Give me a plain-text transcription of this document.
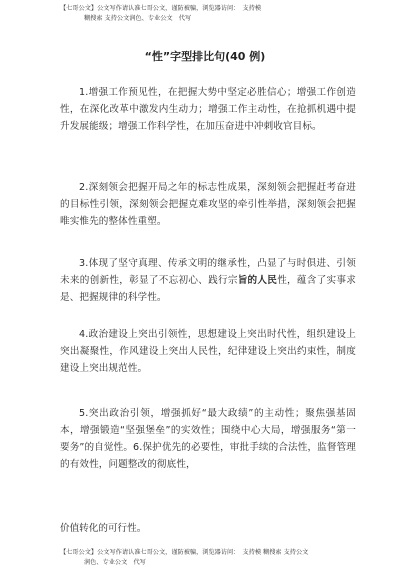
【七哥公文】公文写作请认准七哥公文，谨防被骗，浏览器访问：　支持模
糊搜索 支持公文润色、专业公文　代写
“性”字型排比句(40 例)

1.增强工作预见性，在把握大势中坚定必胜信心；增强工作创造性，在深化改革中激发内生动力；增强工作主动性，在抢抓机遇中提升发展能级；增强工作科学性，在加压奋进中冲刺收官目标。

2.深刻领会把握开局之年的标志性成果，深刻领会把握赶考奋进的目标性引领，深刻领会把握克难攻坚的牵引性举措，深刻领会把握唯实惟先的整体性重塑。

3.体现了坚守真理、传承文明的继承性，凸显了与时俱进、引领未来的创新性，彰显了不忘初心、践行宗旨的人民性，蕴含了实事求是、把握规律的科学性。

4.政治建设上突出引领性，思想建设上突出时代性，组织建设上突出凝聚性，作风建设上突出人民性，纪律建设上突出约束性，制度建设上突出规范性。

5.突出政治引领，增强抓好“最大政绩”的主动性；聚焦强基固本，增强锻造“坚强堡垒”的实效性；围绕中心大局，增强服务“第一要务”的自觉性。6.保护优先的必要性，审批手续的合法性，监督管理的有效性，问题整改的彻底性，

价值转化的可行性。

【七哥公文】公文写作请认准七哥公文，谨防被骗，浏览器访问：　支持模 糊搜索 支持公文
润色、专业公文　代写
